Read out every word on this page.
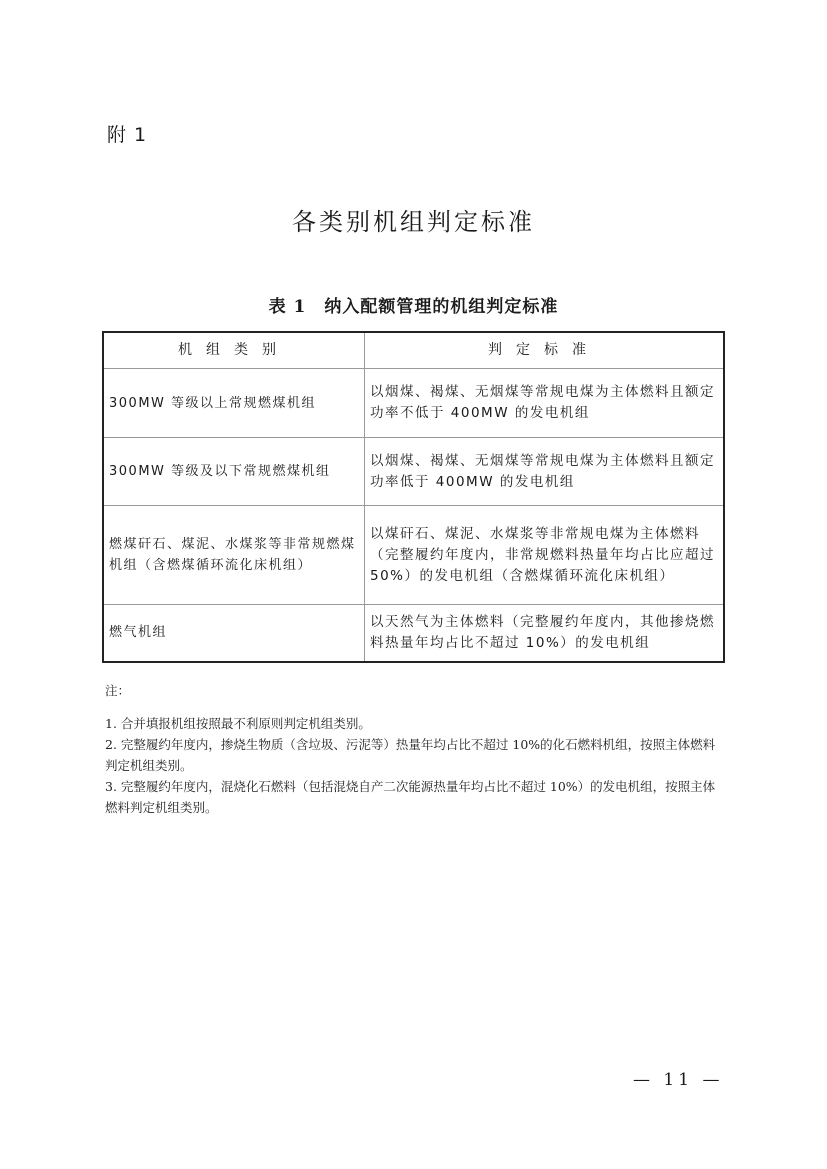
附 1
各类别机组判定标准
表 1 纳入配额管理的机组判定标准
机组类别	判定标准
300MW 等级以上常规燃煤机组	以烟煤、褐煤、无烟煤等常规电煤为主体燃料且额定功率不低于 400MW 的发电机组
300MW 等级及以下常规燃煤机组	以烟煤、褐煤、无烟煤等常规电煤为主体燃料且额定功率低于 400MW 的发电机组
燃煤矸石、煤泥、水煤浆等非常规燃煤机组（含燃煤循环流化床机组）	以煤矸石、煤泥、水煤浆等非常规电煤为主体燃料（完整履约年度内，非常规燃料热量年均占比应超过 50%）的发电机组（含燃煤循环流化床机组）
燃气机组	以天然气为主体燃料（完整履约年度内，其他掺烧燃料热量年均占比不超过 10%）的发电机组
注：
1. 合并填报机组按照最不利原则判定机组类别。
2. 完整履约年度内，掺烧生物质（含垃圾、污泥等）热量年均占比不超过 10%的化石燃料机组，按照主体燃料判定机组类别。
3. 完整履约年度内，混烧化石燃料（包括混烧自产二次能源热量年均占比不超过 10%）的发电机组，按照主体燃料判定机组类别。
— 11 —
